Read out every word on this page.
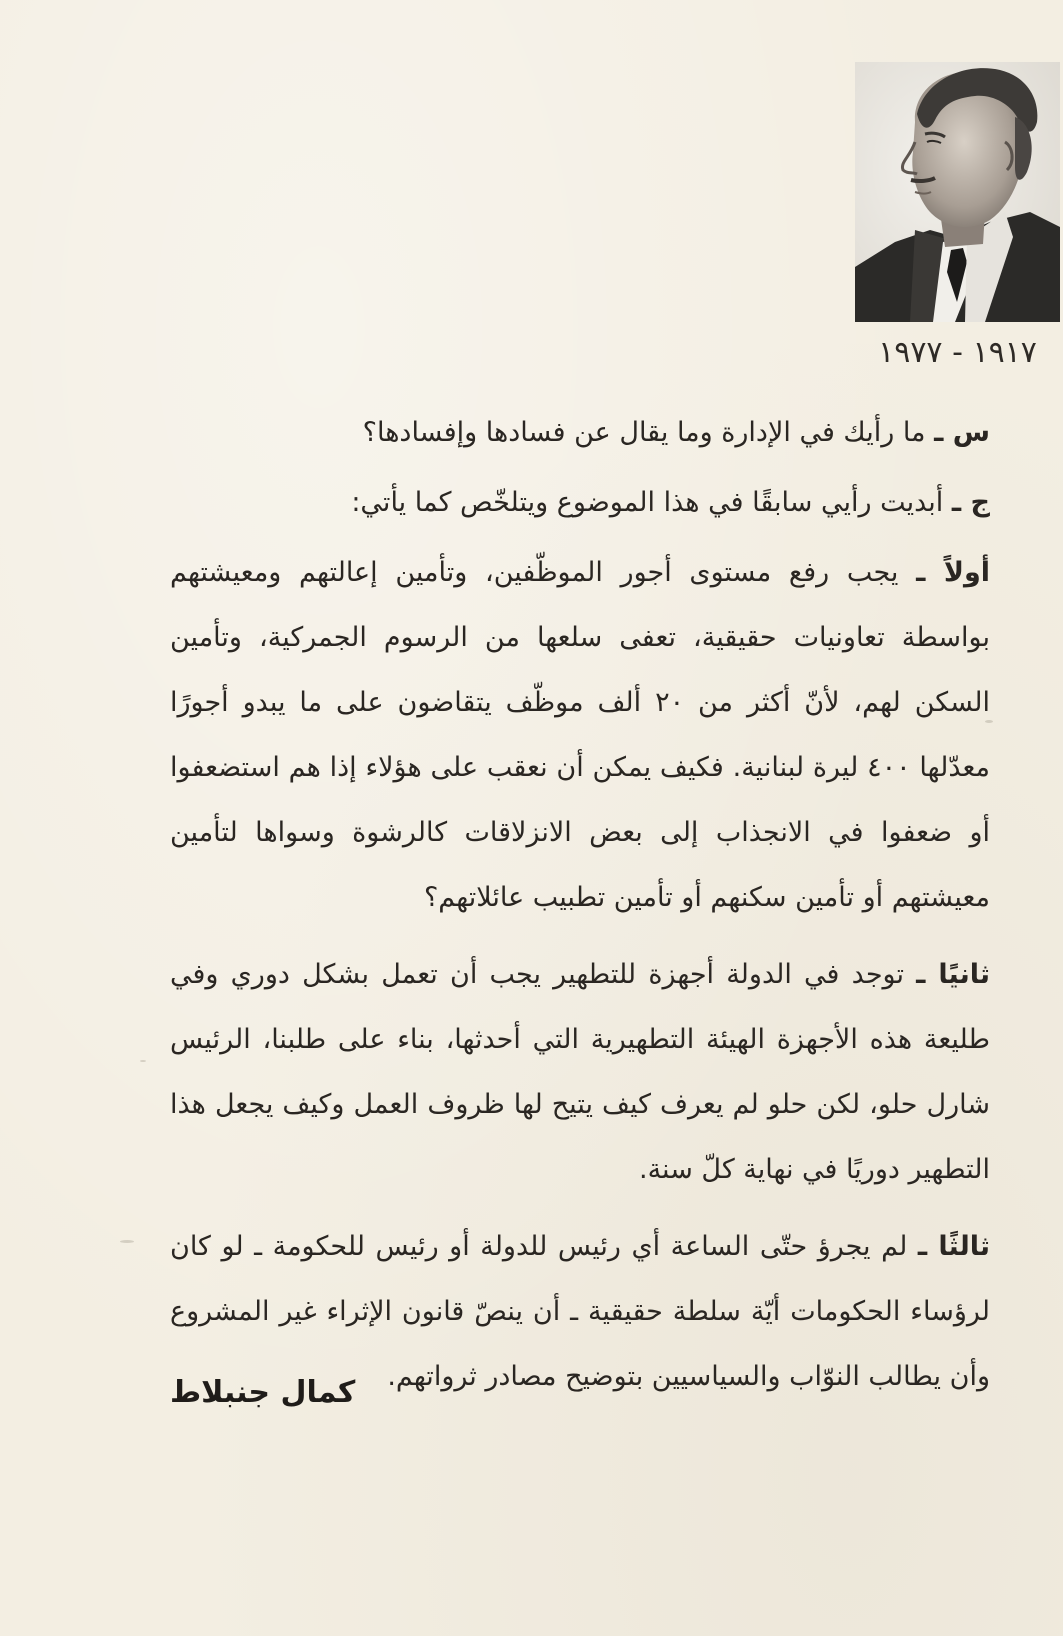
١٩١٧ - ١٩٧٧

س ـ ما رأيك في الإدارة وما يقال عن فسادها وإفسادها؟

ج ـ أبديت رأيي سابقًا في هذا الموضوع ويتلخّص كما يأتي:

أولاً ـ يجب رفع مستوى أجور الموظّفين، وتأمين إعالتهم ومعيشتهم بواسطة تعاونيات حقيقية، تعفى سلعها من الرسوم الجمركية، وتأمين السكن لهم، لأنّ أكثر من ٢٠ ألف موظّف يتقاضون على ما يبدو أجورًا معدّلها ٤٠٠ ليرة لبنانية. فكيف يمكن أن نعقب على هؤلاء إذا هم استضعفوا أو ضعفوا في الانجذاب إلى بعض الانزلاقات كالرشوة وسواها لتأمين معيشتهم أو تأمين سكنهم أو تأمين تطبيب عائلاتهم؟

ثانيًا ـ توجد في الدولة أجهزة للتطهير يجب أن تعمل بشكل دوري وفي طليعة هذه الأجهزة الهيئة التطهيرية التي أحدثها، بناء على طلبنا، الرئيس شارل حلو، لكن حلو لم يعرف كيف يتيح لها ظروف العمل وكيف يجعل هذا التطهير دوريًا في نهاية كلّ سنة.

ثالثًا ـ لم يجرؤ حتّى الساعة أي رئيس للدولة أو رئيس للحكومة ـ لو كان لرؤساء الحكومات أيّة سلطة حقيقية ـ أن ينصّ قانون الإثراء غير المشروع وأن يطالب النوّاب والسياسيين بتوضيح مصادر ثرواتهم.

كمال جنبلاط
